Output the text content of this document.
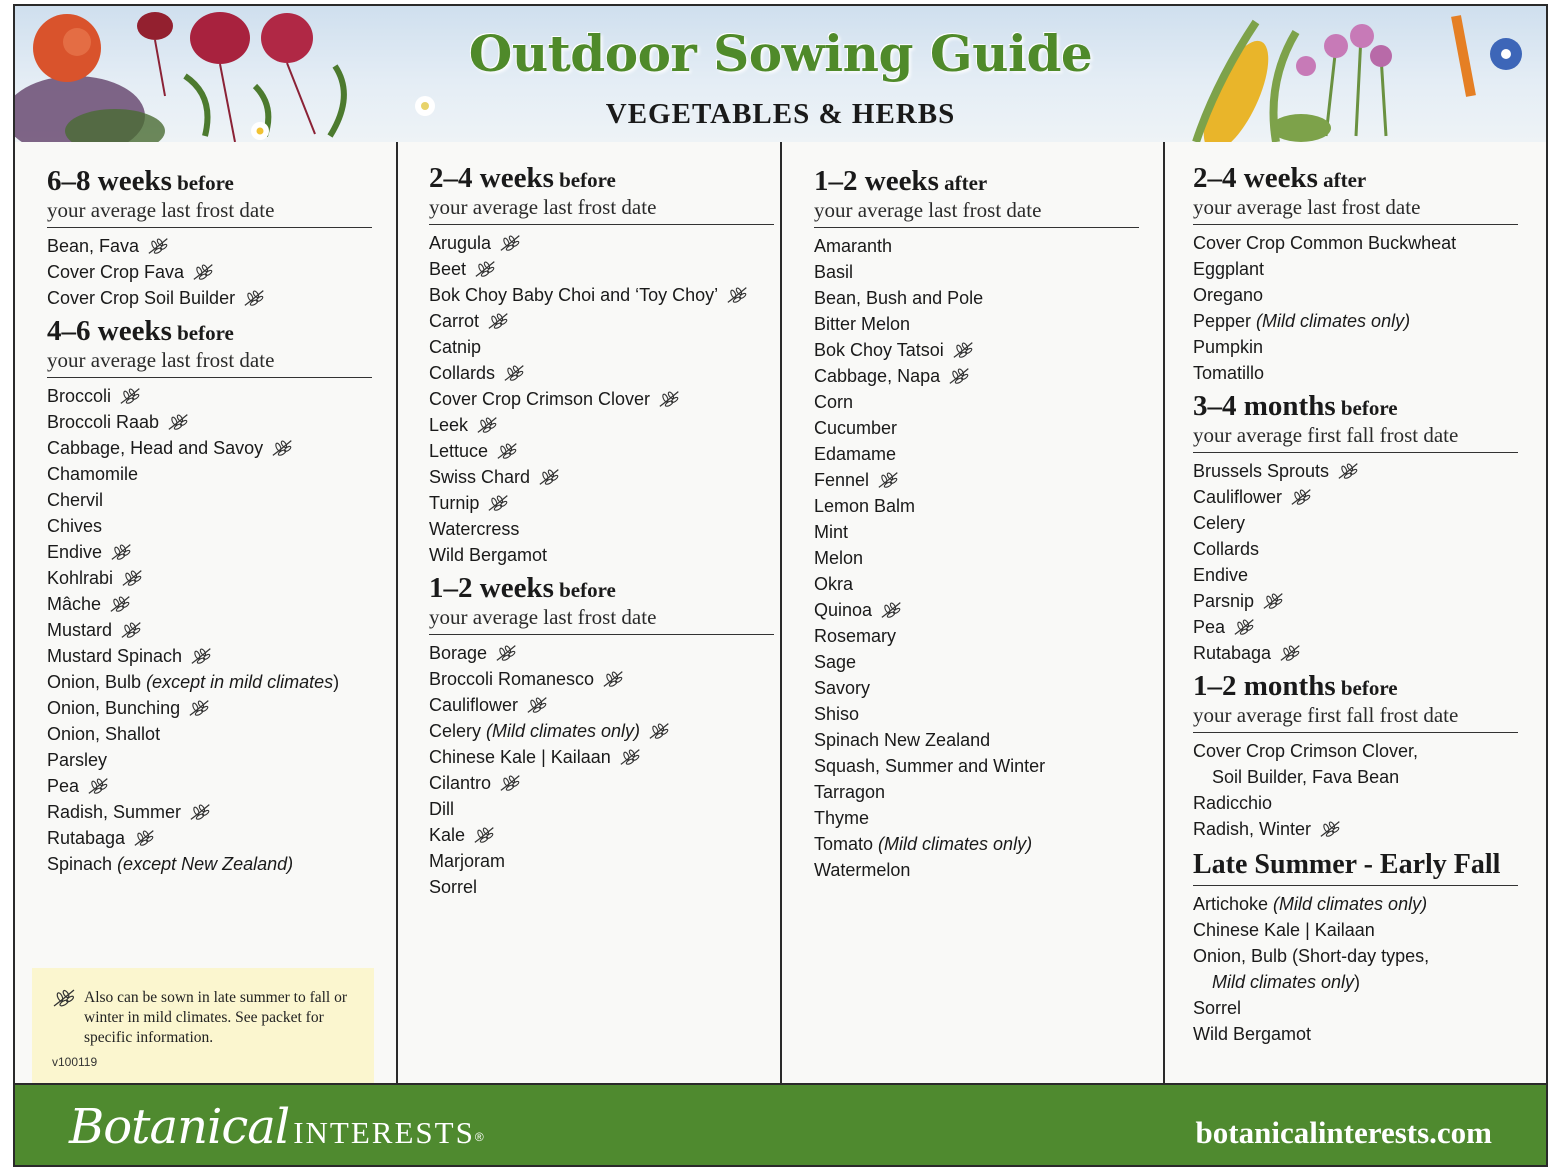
Outdoor Sowing Guide
VEGETABLES & HERBS
6–8 weeks before
your average last frost date
Bean, Fava
Cover Crop Fava
Cover Crop Soil Builder
4–6 weeks before
your average last frost date
Broccoli
Broccoli Raab
Cabbage, Head and Savoy
Chamomile
Chervil
Chives
Endive
Kohlrabi
Mâche
Mustard
Mustard Spinach
Onion, Bulb (except in mild climates)
Onion, Bunching
Onion, Shallot
Parsley
Pea
Radish, Summer
Rutabaga
Spinach (except New Zealand)
2–4 weeks before
your average last frost date
Arugula
Beet
Bok Choy Baby Choi and ‘Toy Choy’
Carrot
Catnip
Collards
Cover Crop Crimson Clover
Leek
Lettuce
Swiss Chard
Turnip
Watercress
Wild Bergamot
1–2 weeks before
your average last frost date
Borage
Broccoli Romanesco
Cauliflower
Celery (Mild climates only)
Chinese Kale | Kailaan
Cilantro
Dill
Kale
Marjoram
Sorrel
1–2 weeks after
your average last frost date
Amaranth
Basil
Bean, Bush and Pole
Bitter Melon
Bok Choy Tatsoi
Cabbage, Napa
Corn
Cucumber
Edamame
Fennel
Lemon Balm
Mint
Melon
Okra
Quinoa
Rosemary
Sage
Savory
Shiso
Spinach New Zealand
Squash, Summer and Winter
Tarragon
Thyme
Tomato (Mild climates only)
Watermelon
2–4 weeks after
your average last frost date
Cover Crop Common Buckwheat
Eggplant
Oregano
Pepper (Mild climates only)
Pumpkin
Tomatillo
3–4 months before
your average first fall frost date
Brussels Sprouts
Cauliflower
Celery
Collards
Endive
Parsnip
Pea
Rutabaga
1–2 months before
your average first fall frost date
Cover Crop Crimson Clover,
Soil Builder, Fava Bean
Radicchio
Radish, Winter
Late Summer - Early Fall
Artichoke (Mild climates only)
Chinese Kale | Kailaan
Onion, Bulb (Short-day types,
Mild climates only)
Sorrel
Wild Bergamot
Also can be sown in late summer to fall or winter in mild climates. See packet for specific information.
v100119
Botanical INTERESTS®	botanicalinterests.com
